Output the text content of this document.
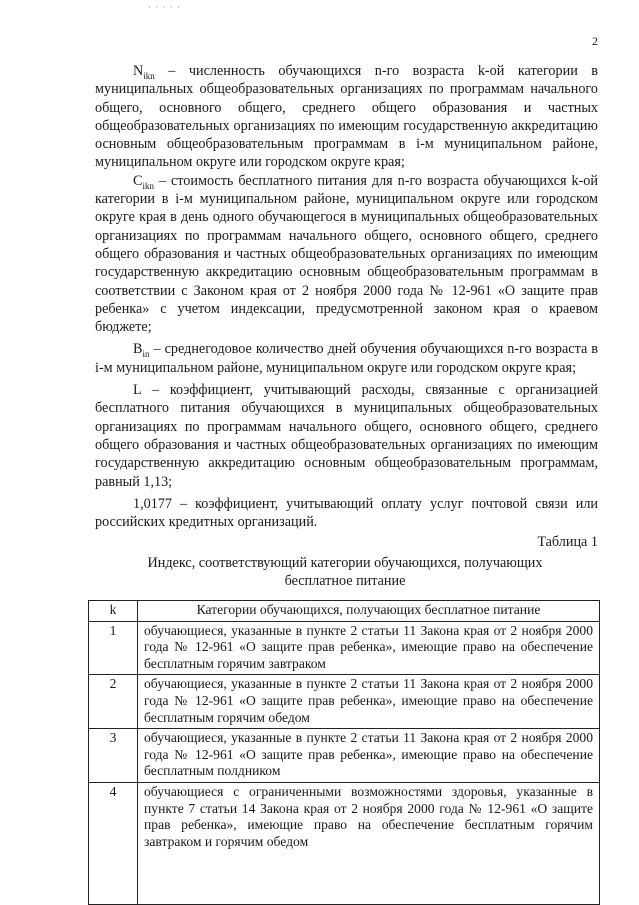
· · · · ·
2

$N_{ikn}$ – численность обучающихся n-го возраста k-ой категории в муниципальных общеобразовательных организациях по программам начального общего, основного общего, среднего общего образования и частных общеобразовательных организациях по имеющим государственную аккредитацию основным общеобразовательным программам в i-м муниципальном районе, муниципальном округе или городском округе края;

$C_{ikn}$ – стоимость бесплатного питания для n-го возраста обучающихся k-ой категории в i-м муниципальном районе, муниципальном округе или городском округе края в день одного обучающегося в муниципальных общеобразовательных организациях по программам начального общего, основного общего, среднего общего образования и частных общеобразовательных организациях по имеющим государственную аккредитацию основным общеобразовательным программам в соответствии с Законом края от 2 ноября 2000 года № 12-961 «О защите прав ребенка» с учетом индексации, предусмотренной законом края о краевом бюджете;

$B_{in}$ – среднегодовое количество дней обучения обучающихся n-го возраста в i-м муниципальном районе, муниципальном округе или городском округе края;

L – коэффициент, учитывающий расходы, связанные с организацией бесплатного питания обучающихся в муниципальных общеобразовательных организациях по программам начального общего, основного общего, среднего общего образования и частных общеобразовательных организациях по имеющим государственную аккредитацию основным общеобразовательным программам, равный 1,13;

1,0177 – коэффициент, учитывающий оплату услуг почтовой связи или российских кредитных организаций.

Таблица 1
Индекс, соответствующий категории обучающихся, получающих
бесплатное питание
k	Категории обучающихся, получающих бесплатное питание
1	обучающиеся, указанные в пункте 2 статьи 11 Закона края от 2 ноября 2000 года № 12-961 «О защите прав ребенка», имеющие право на обеспечение бесплатным горячим завтраком
2	обучающиеся, указанные в пункте 2 статьи 11 Закона края от 2 ноября 2000 года № 12-961 «О защите прав ребенка», имеющие право на обеспечение бесплатным горячим обедом
3	обучающиеся, указанные в пункте 2 статьи 11 Закона края от 2 ноября 2000 года № 12-961 «О защите прав ребенка», имеющие право на обеспечение бесплатным полдником
4	обучающиеся с ограниченными возможностями здоровья, указанные в пункте 7 статьи 14 Закона края от 2 ноября 2000 года № 12-961 «О защите прав ребенка», имеющие право на обеспечение бесплатным горячим завтраком и горячим обедом
